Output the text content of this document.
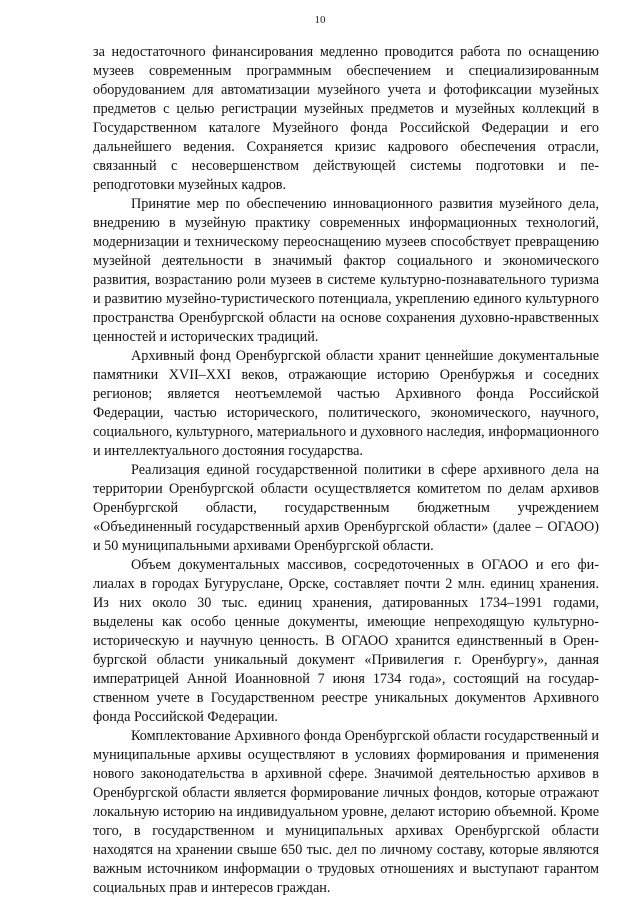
10

за недостаточного финансирования медленно проводится работа по оснащению музеев современным программным обеспечением и специализированным оборудованием для автоматизации музейного учета и фотофиксации музейных предметов с целью регистрации музейных предметов и музейных коллекций в Государственном каталоге Музейного фонда Российской Федерации и его дальнейшего ведения. Сохраняется кризис кадрового обеспечения отрасли, связанный с несовершенством действующей системы подготовки и переподготовки музейных кадров.

Принятие мер по обеспечению инновационного развития музейного дела, внедрению в музейную практику современных информационных технологий, модернизации и техническому переоснащению музеев способствует превращению музейной деятельности в значимый фактор социального и экономического развития, возрастанию роли музеев в системе культурно-познавательного туризма и развитию музейно-туристического потенциала, укреплению единого культурного пространства Оренбургской области на основе сохранения духовно-нравственных ценностей и исторических традиций.

Архивный фонд Оренбургской области хранит ценнейшие документальные памятники XVII–XXI веков, отражающие историю Оренбуржья и соседних регионов; является неотъемлемой частью Архивного фонда Российской Федерации, частью исторического, политического, экономического, научного, социального, культурного, материального и духовного наследия, информационного и интеллектуального достояния государства.

Реализация единой государственной политики в сфере архивного дела на территории Оренбургской области осуществляется комитетом по делам архивов Оренбургской области, государственным бюджетным учреждением «Объединенный государственный архив Оренбургской области» (далее – ОГАОО) и 50 муниципальными архивами Оренбургской области.

Объем документальных массивов, сосредоточенных в ОГАОО и его филиалах в городах Бугуруслане, Орске, составляет почти 2 млн. единиц хранения. Из них около 30 тыс. единиц хранения, датированных 1734–1991 годами, выделены как особо ценные документы, имеющие непреходящую культурно-историческую и научную ценность. В ОГАОО хранится единственный в Оренбургской области уникальный документ «Привилегия г. Оренбургу», данная императрицей Анной Иоанновной 7 июня 1734 года», состоящий на государственном учете в Государственном реестре уникальных документов Архивного фонда Российской Федерации.

Комплектование Архивного фонда Оренбургской области государственный и муниципальные архивы осуществляют в условиях формирования и применения нового законодательства в архивной сфере. Значимой деятельностью архивов в Оренбургской области является формирование личных фондов, которые отражают локальную историю на индивидуальном уровне, делают историю объемной. Кроме того, в государственном и муниципальных архивах Оренбургской области находятся на хранении свыше 650 тыс. дел по личному составу, которые являются важным источником информации о трудовых отношениях и выступают гарантом социальных прав и интересов граждан.
